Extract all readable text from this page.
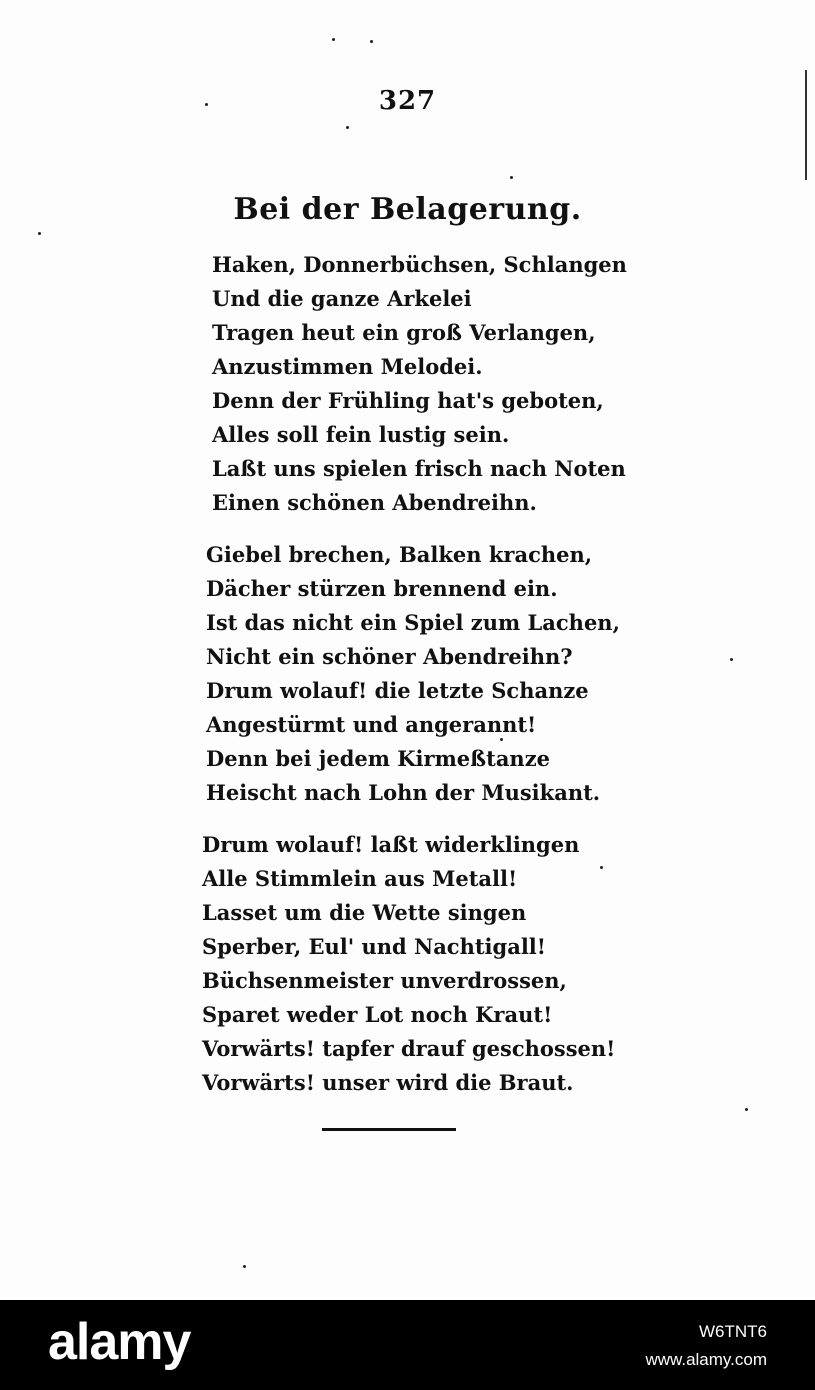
327
Bei der Belagerung.
Haken, Donnerbüchsen, Schlangen
Und die ganze Arkelei
Tragen heut ein groß Verlangen,
Anzustimmen Melodei.
Denn der Frühling hat's geboten,
Alles soll fein lustig sein.
Laßt uns spielen frisch nach Noten
Einen schönen Abendreihn.
Giebel brechen, Balken krachen,
Dächer stürzen brennend ein.
Ist das nicht ein Spiel zum Lachen,
Nicht ein schöner Abendreihn?
Drum wolauf! die letzte Schanze
Angestürmt und angerannt!
Denn bei jedem Kirmeßtanze
Heischt nach Lohn der Musikant.
Drum wolauf! laßt widerklingen
Alle Stimmlein aus Metall!
Lasset um die Wette singen
Sperber, Eul' und Nachtigall!
Büchsenmeister unverdrossen,
Sparet weder Lot noch Kraut!
Vorwärts! tapfer drauf geschossen!
Vorwärts! unser wird die Braut.
alamy	W6TNT6
www.alamy.com
